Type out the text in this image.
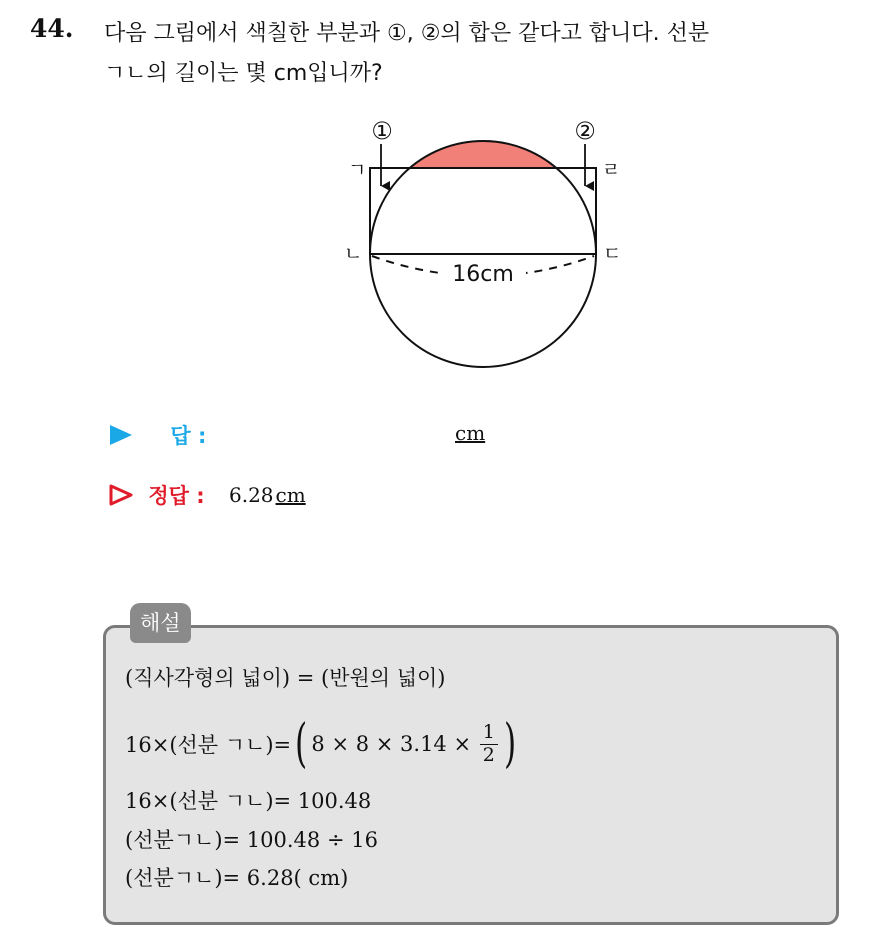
44. 다음 그림에서 색칠한 부분과 ①, ②의 합은 같다고 합니다. 선분
ㄱㄴ의 길이는 몇 cm입니까?
16cm
①	②
ㄱ	ㄹ
ㄴ	ㄷ
답 :	cm
정답 : 6.28 cm
해설
(직사각형의 넓이) = (반원의 넓이)
16×(선분 ㄱㄴ)=( $8 \times 8 \times 3.14 \times \frac{1}{2}$ )
16×(선분 ㄱㄴ)= 100.48
(선분ㄱㄴ)= 100.48 ÷ 16
(선분ㄱㄴ)= 6.28( cm)
